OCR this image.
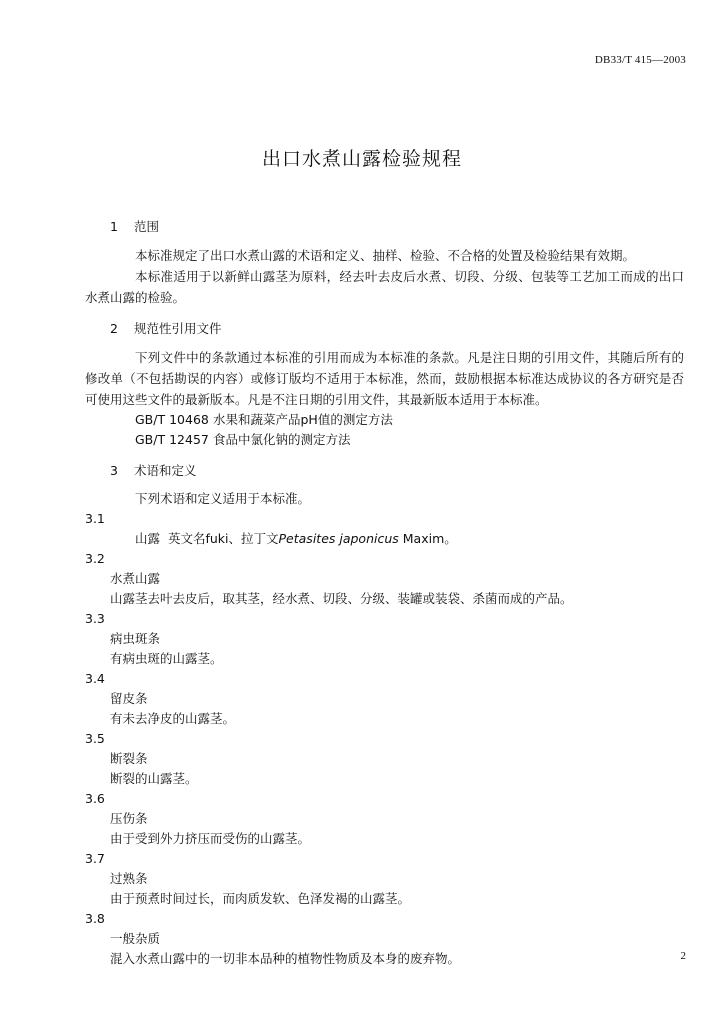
DB33/T 415—2003
出口水煮山露检验规程
1 范围
本标准规定了出口水煮山露的术语和定义、抽样、检验、不合格的处置及检验结果有效期。
本标准适用于以新鲜山露茎为原料，经去叶去皮后水煮、切段、分级、包装等工艺加工而成的出口水煮山露的检验。
2 规范性引用文件
下列文件中的条款通过本标准的引用而成为本标准的条款。凡是注日期的引用文件，其随后所有的修改单（不包括勘误的内容）或修订版均不适用于本标准，然而，鼓励根据本标准达成协议的各方研究是否可使用这些文件的最新版本。凡是不注日期的引用文件，其最新版本适用于本标准。
GB/T 10468 水果和蔬菜产品pH值的测定方法
GB/T 12457 食品中氯化钠的测定方法
3 术语和定义
下列术语和定义适用于本标准。
3.1
山露 英文名fuki、拉丁文Petasites japonicus Maxim。
3.2
水煮山露
山露茎去叶去皮后，取其茎，经水煮、切段、分级、装罐或装袋、杀菌而成的产品。
3.3
病虫斑条
有病虫斑的山露茎。
3.4
留皮条
有未去净皮的山露茎。
3.5
断裂条
断裂的山露茎。
3.6
压伤条
由于受到外力挤压而受伤的山露茎。
3.7
过熟条
由于预煮时间过长，而肉质发软、色泽发褐的山露茎。
3.8
一般杂质
混入水煮山露中的一切非本品种的植物性物质及本身的废弃物。	2
